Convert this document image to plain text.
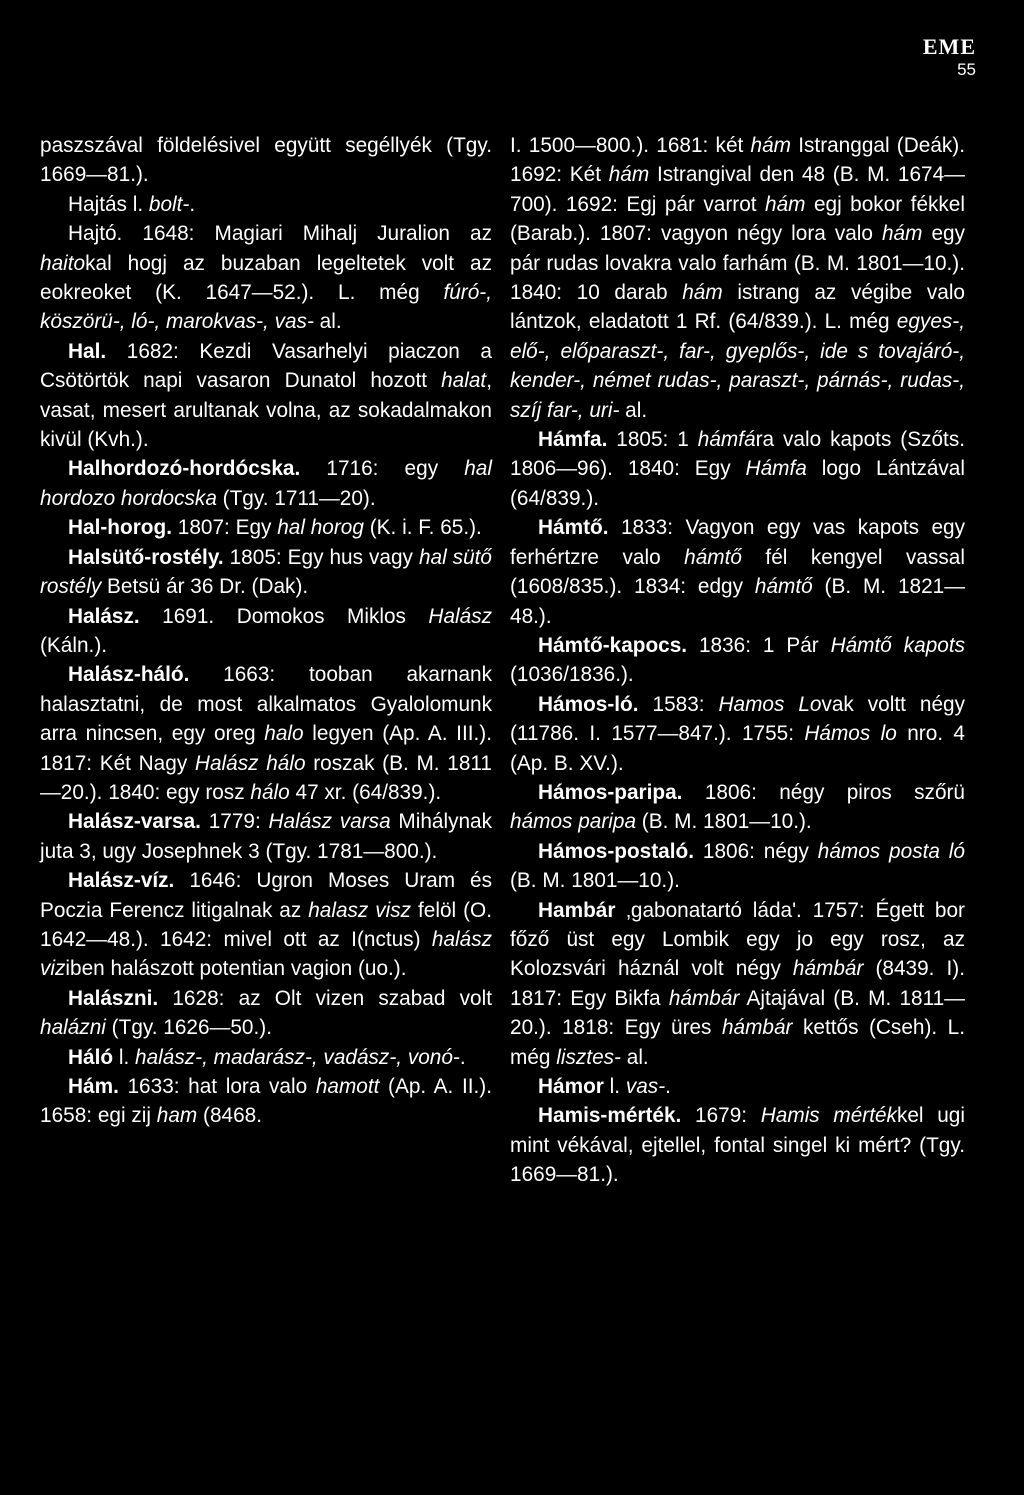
EME
55

paszszával földelésivel együtt segéllyék (Tgy. 1669—81.).

Hajtás l. bolt-.

Hajtó. 1648: Magiari Mihalj Juralion az haitokal hogj az buzaban legeltetek volt az eokreoket (K. 1647—52.). L. még fúró-, köszörü-, ló-, marokvas-, vas- al.

Hal. 1682: Kezdi Vasarhelyi piaczon a Csötörtök napi vasaron Dunatol hozott halat, vasat, mesert arultanak volna, az sokadalmakon kivül (Kvh.).

Halhordozó-hordócska. 1716: egy hal hordozo hordocska (Tgy. 1711—20).

Hal-horog. 1807: Egy hal horog (K. i. F. 65.).

Halsütő-rostély. 1805: Egy hus vagy hal sütő rostély Betsü ár 36 Dr. (Dak).

Halász. 1691. Domokos Miklos Halász (Káln.).

Halász-háló. 1663: tooban akarnank halasztatni, de most alkalmatos Gyalolomunk arra nincsen, egy oreg halo legyen (Ap. A. III.). 1817: Két Nagy Halász hálo roszak (B. M. 1811—20.). 1840: egy rosz hálo 47 xr. (64/839.).

Halász-varsa. 1779: Halász varsa Mihálynak juta 3, ugy Josephnek 3 (Tgy. 1781—800.).

Halász-víz. 1646: Ugron Moses Uram és Poczia Ferencz litigalnak az halasz visz felöl (O. 1642—48.). 1642: mivel ott az I(nctus) halász viziben halászott potentian vagion (uo.).

Halászni. 1628: az Olt vizen szabad volt halázni (Tgy. 1626—50.).

Háló l. halász-, madarász-, vadász-, vonó-.

Hám. 1633: hat lora valo hamott (Ap. A. II.). 1658: egi zij ham (8468.

I. 1500—800.). 1681: két hám Istranggal (Deák). 1692: Két hám Istrangival den 48 (B. M. 1674—700). 1692: Egj pár varrot hám egj bokor fékkel (Barab.). 1807: vagyon négy lora valo hám egy pár rudas lovakra valo farhám (B. M. 1801—10.). 1840: 10 darab hám istrang az végibe valo lántzok, eladatott 1 Rf. (64/839.). L. még egyes-, elő-, előparaszt-, far-, gyeplős-, ide s tovajáró-, kender-, német rudas-, paraszt-, párnás-, rudas-, szíj far-, uri- al.

Hámfa. 1805: 1 hámfára valo kapots (Szőts. 1806—96). 1840: Egy Hámfa logo Lántzával (64/839.).

Hámtő. 1833: Vagyon egy vas kapots egy ferhértzre valo hámtő fél kengyel vassal (1608/835.). 1834: edgy hámtő (B. M. 1821—48.).

Hámtő-kapocs. 1836: 1 Pár Hámtő kapots (1036/1836.).

Hámos-ló. 1583: Hamos Lovak voltt négy (11786. I. 1577—847.). 1755: Hámos lo nro. 4 (Ap. B. XV.).

Hámos-paripa. 1806: négy piros szőrü hámos paripa (B. M. 1801—10.).

Hámos-postaló. 1806: négy hámos posta ló (B. M. 1801—10.).

Hambár ‚gabonatartó láda'. 1757: Égett bor főző üst egy Lombik egy jo egy rosz, az Kolozsvári háznál volt négy hámbár (8439. I). 1817: Egy Bikfa hámbár Ajtajával (B. M. 1811—20.). 1818: Egy üres hámbár kettős (Cseh). L. még lisztes- al.

Hámor l. vas-.

Hamis-mérték. 1679: Hamis mértékkel ugi mint vékával, ejtellel, fontal singel ki mért? (Tgy. 1669—81.).
